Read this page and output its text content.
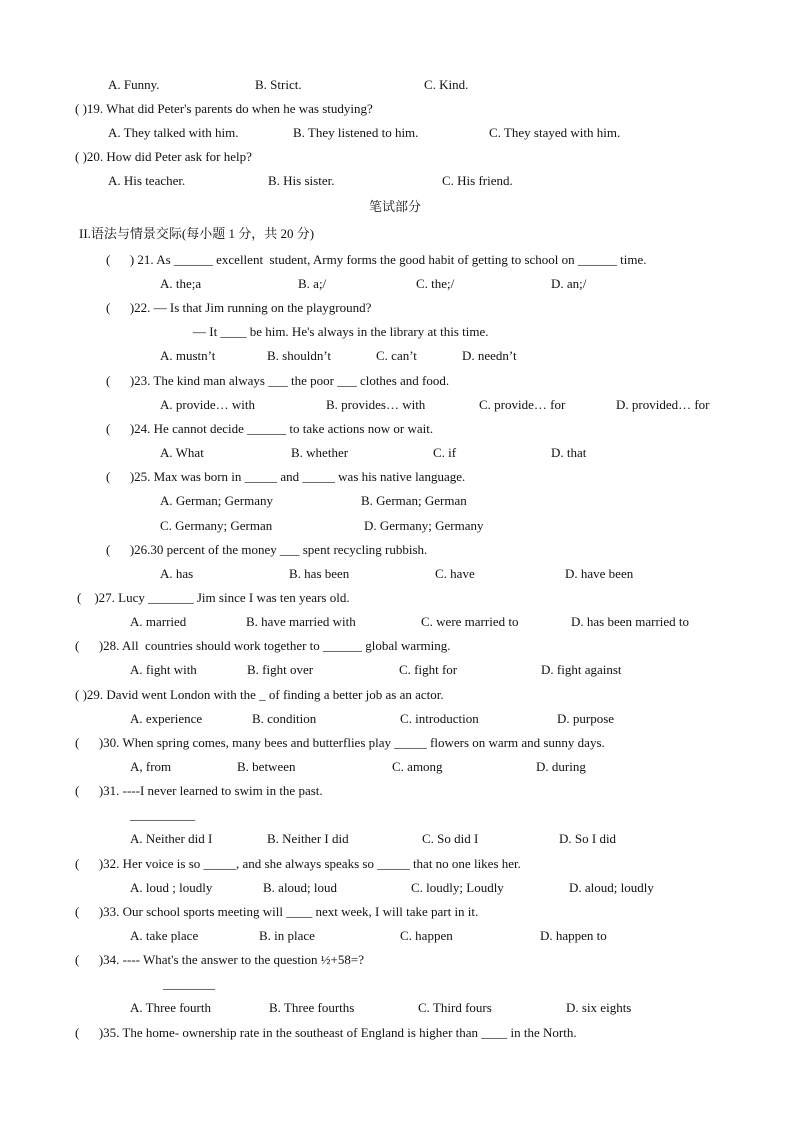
A. Funny.	B. Strict.	C. Kind.
( )19. What did Peter's parents do when he was studying?
A. They talked with him.	B. They listened to him.	C. They stayed with him.
( )20. How did Peter ask for help?
A. His teacher.	B. His sister.	C. His friend.
笔试部分
II.语法与情景交际(每小题 1 分，共 20 分)
(      ) 21. As ______ excellent  student, Army forms the good habit of getting to school on ______ time.
A. the;a	B. a;/	C. the;/	D. an;/
(      )22. — Is that Jim running on the playground?
— It ____ be him. He's always in the library at this time.
A. mustn’t	B. shouldn’t	C. can’t	D. needn’t
(      )23. The kind man always ___ the poor ___ clothes and food.
A. provide… with	B. provides… with	C. provide… for	D. provided… for
(      )24. He cannot decide ______ to take actions now or wait.
A. What	B. whether	C. if	D. that
(      )25. Max was born in _____ and _____ was his native language.
A. German; Germany	B. German; German
C. Germany; German	D. Germany; Germany
(      )26.30 percent of the money ___ spent recycling rubbish.
A. has	B. has been	C. have	D. have been
(    )27. Lucy _______ Jim since I was ten years old.
A. married	B. have married with	C. were married to	D. has been married to
(      )28. All  countries should work together to ______ global warming.
A. fight with	B. fight over	C. fight for	D. fight against
( )29. David went London with the _ of finding a better job as an actor.
A. experience	B. condition	C. introduction	D. purpose
(      )30. When spring comes, many bees and butterflies play _____ flowers on warm and sunny days.
A, from	B. between	C. among	D. during
(      )31. ----I never learned to swim in the past.
__________
A. Neither did I	B. Neither I did	C. So did I	D. So I did
(      )32. Her voice is so _____, and she always speaks so _____ that no one likes her.
A. loud ; loudly	B. aloud; loud	C. loudly; Loudly	D. aloud; loudly
(      )33. Our school sports meeting will ____ next week, I will take part in it.
A. take place	B. in place	C. happen	D. happen to
(      )34. ---- What's the answer to the question ½+58=?
________
A. Three fourth	B. Three fourths	C. Third fours	D. six eights
(      )35. The home- ownership rate in the southeast of England is higher than ____ in the North.
